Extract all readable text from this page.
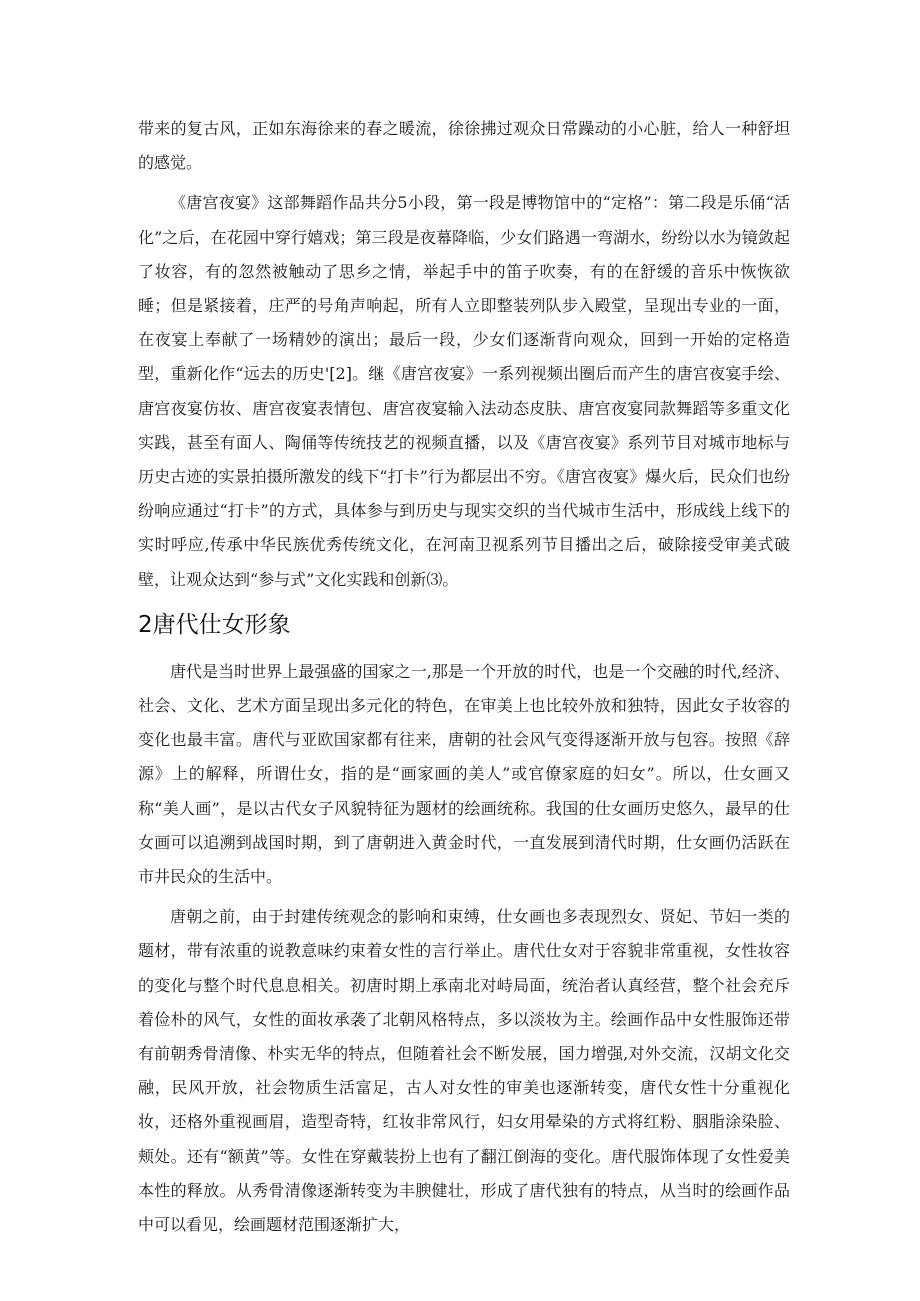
带来的复古风，正如东海徐来的春之暖流，徐徐拂过观众日常躁动的小心脏，给人一种舒坦的感觉。

《唐宫夜宴》这部舞蹈作品共分5小段，第一段是博物馆中的“定格”：第二段是乐俑“活化”之后，在花园中穿行嬉戏；第三段是夜幕降临，少女们路遇一弯湖水，纷纷以水为镜敛起了妆容，有的忽然被触动了思乡之情，举起手中的笛子吹奏，有的在舒缓的音乐中恢恢欲睡；但是紧接着，庄严的号角声响起，所有人立即整装列队步入殿堂，呈现出专业的一面，在夜宴上奉献了一场精妙的演出；最后一段，少女们逐渐背向观众，回到一开始的定格造型，重新化作“远去的历史'[2]。继《唐宫夜宴》一系列视频出圈后而产生的唐宫夜宴手绘、唐宫夜宴仿妆、唐宫夜宴表情包、唐宫夜宴输入法动态皮肤、唐宫夜宴同款舞蹈等多重文化实践，甚至有面人、陶俑等传统技艺的视频直播，以及《唐宫夜宴》系列节目对城市地标与历史古迹的实景拍摄所激发的线下“打卡”行为都层出不穷。《唐宫夜宴》爆火后，民众们也纷纷响应通过“打卡”的方式，具体参与到历史与现实交织的当代城市生活中，形成线上线下的实时呼应,传承中华民族优秀传统文化，在河南卫视系列节目播出之后，破除接受审美式破壁，让观众达到“参与式”文化实践和创新⑶。

2唐代仕女形象

唐代是当时世界上最强盛的国家之一,那是一个开放的时代，也是一个交融的时代,经济、社会、文化、艺术方面呈现出多元化的特色，在审美上也比较外放和独特，因此女子妆容的变化也最丰富。唐代与亚欧国家都有往来，唐朝的社会风气变得逐渐开放与包容。按照《辞源》上的解释，所谓仕女，指的是“画家画的美人”或官僚家庭的妇女”。所以，仕女画又称“美人画”，是以古代女子风貌特征为题材的绘画统称。我国的仕女画历史悠久，最早的仕女画可以追溯到战国时期，到了唐朝进入黄金时代，一直发展到清代时期，仕女画仍活跃在市井民众的生活中。

唐朝之前，由于封建传统观念的影响和束缚，仕女画也多表现烈女、贤妃、节妇一类的题材，带有浓重的说教意味约束着女性的言行举止。唐代仕女对于容貌非常重视，女性妆容的变化与整个时代息息相关。初唐时期上承南北对峙局面，统治者认真经营，整个社会充斥着俭朴的风气，女性的面妆承袭了北朝风格特点，多以淡妆为主。绘画作品中女性服饰还带有前朝秀骨清像、朴实无华的特点，但随着社会不断发展，国力增强,对外交流，汉胡文化交融，民风开放，社会物质生活富足，古人对女性的审美也逐渐转变，唐代女性十分重视化妆，还格外重视画眉，造型奇特，红妆非常风行，妇女用晕染的方式将红粉、胭脂涂染脸、颊处。还有“额黄”等。女性在穿戴装扮上也有了翻江倒海的变化。唐代服饰体现了女性爱美本性的释放。从秀骨清像逐渐转变为丰腴健壮，形成了唐代独有的特点，从当时的绘画作品中可以看见，绘画题材范围逐渐扩大，
